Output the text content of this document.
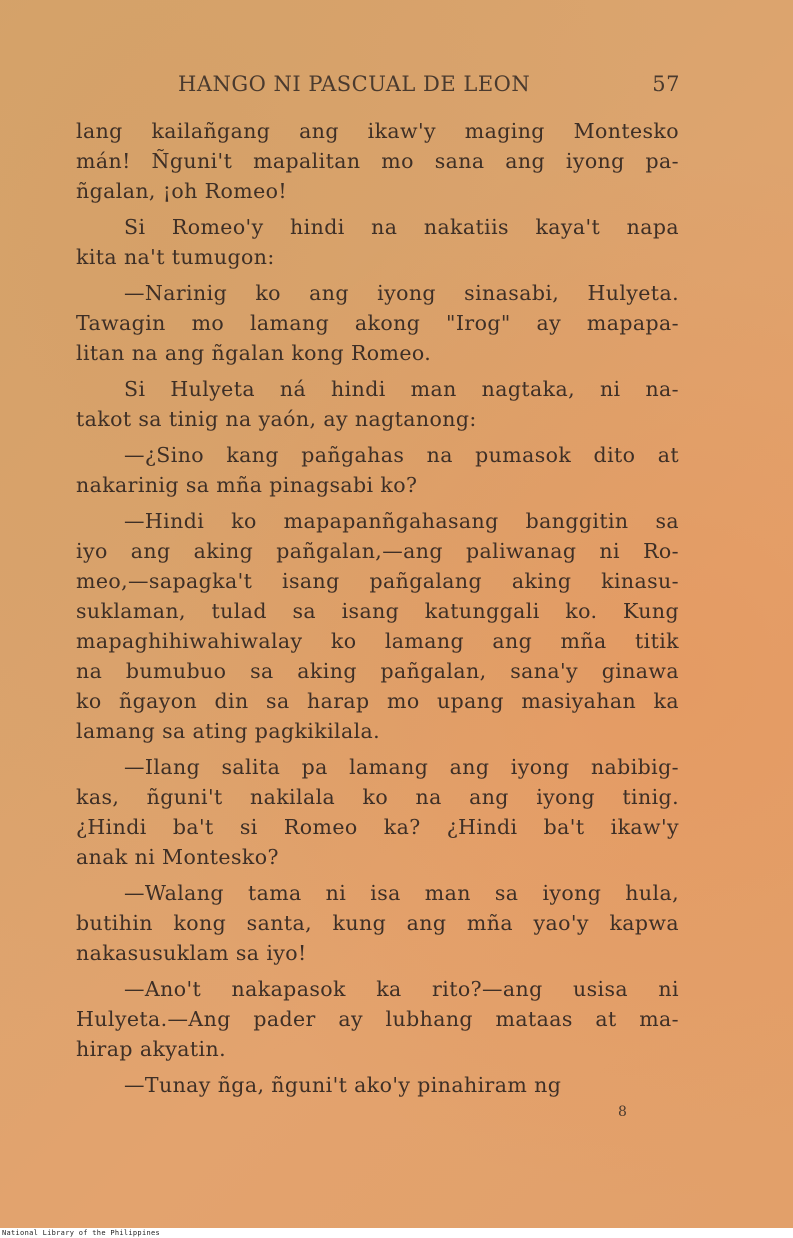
HANGO NI PASCUAL DE LEON	57
lang kailañgang ang ikaw'y maging Montesko
mán! Ñguni't mapalitan mo sana ang iyong pa-
ñgalan, ¡oh Romeo!
Si Romeo'y hindi na nakatiis kaya't napa
kita na't tumugon:
—Narinig ko ang iyong sinasabi, Hulyeta.
Tawagin mo lamang akong "Irog" ay mapapa-
litan na ang ñgalan kong Romeo.
Si Hulyeta ná hindi man nagtaka, ni na-
takot sa tinig na yaón, ay nagtanong:
—¿Sino kang pañgahas na pumasok dito at
nakarinig sa mña pinagsabi ko?
—Hindi ko mapapanñgahasang banggitin sa
iyo ang aking pañgalan,—ang paliwanag ni Ro-
meo,—sapagka't isang pañgalang aking kinasu-
suklaman, tulad sa isang katunggali ko. Kung
mapaghihiwahiwalay ko lamang ang mña titik
na bumubuo sa aking pañgalan, sana'y ginawa
ko ñgayon din sa harap mo upang masiyahan ka
lamang sa ating pagkikilala.
—Ilang salita pa lamang ang iyong nabibig-
kas, ñguni't nakilala ko na ang iyong tinig.
¿Hindi ba't si Romeo ka? ¿Hindi ba't ikaw'y
anak ni Montesko?
—Walang tama ni isa man sa iyong hula,
butihin kong santa, kung ang mña yao'y kapwa
nakasusuklam sa iyo!
—Ano't nakapasok ka rito?—ang usisa ni
Hulyeta.—Ang pader ay lubhang mataas at ma-
hirap akyatin.
—Tunay ñga, ñguni't ako'y pinahiram ng
8
National Library of the Philippines
